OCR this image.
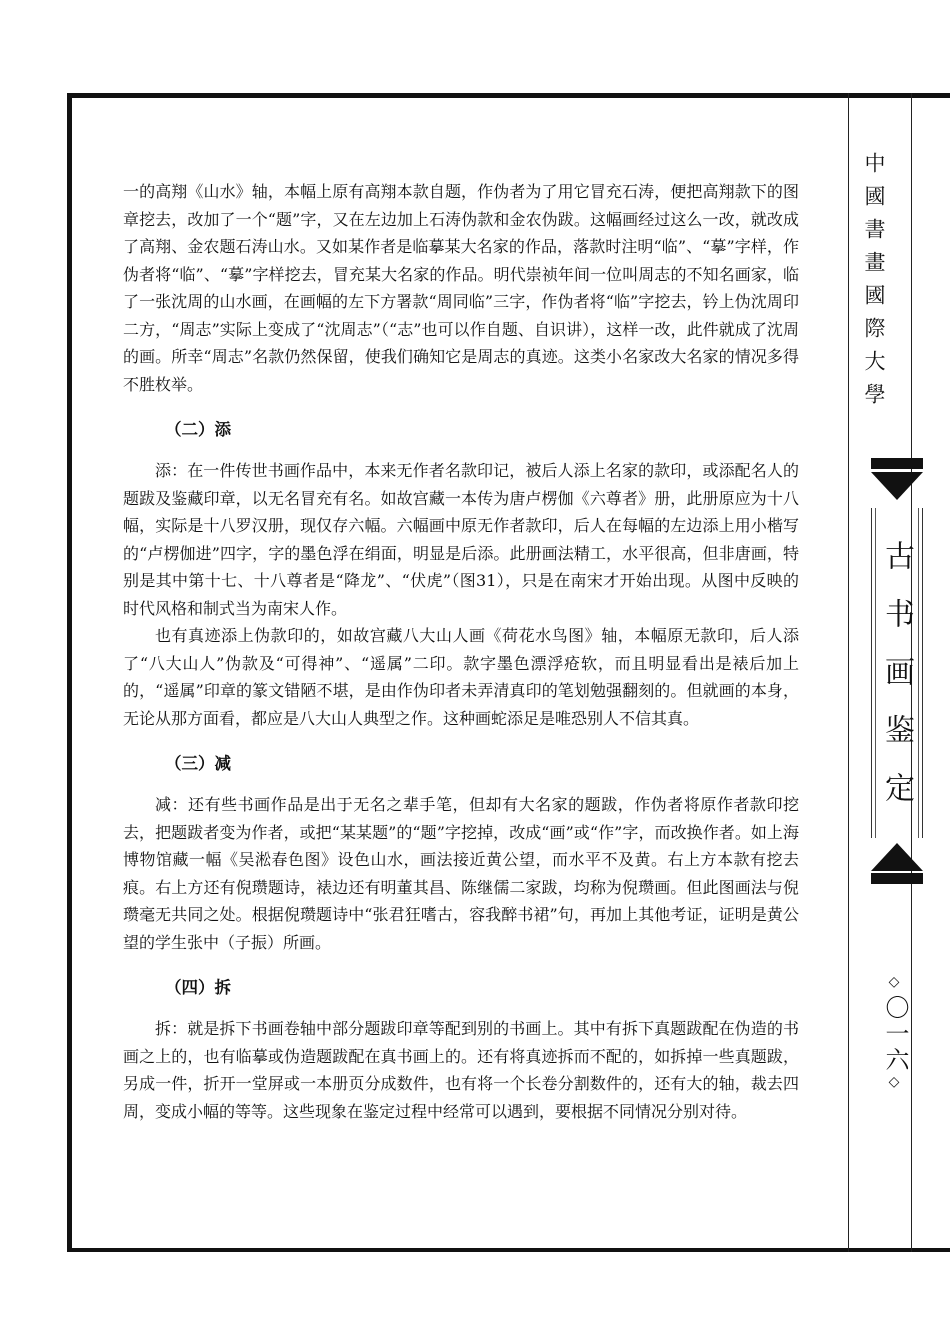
中國書畫國際大學
古书画鉴定
◇
〇一六
◇

一的高翔《山水》轴，本幅上原有高翔本款自题，作伪者为了用它冒充石涛，便把高翔款下的图章挖去，改加了一个“题”字，又在左边加上石涛伪款和金农伪跋。这幅画经过这么一改，就改成了高翔、金农题石涛山水。又如某作者是临摹某大名家的作品，落款时注明“临”、“摹”字样，作伪者将“临”、“摹”字样挖去，冒充某大名家的作品。明代崇祯年间一位叫周志的不知名画家，临了一张沈周的山水画，在画幅的左下方署款“周同临”三字，作伪者将“临”字挖去，钤上伪沈周印二方，“周志”实际上变成了“沈周志”（“志”也可以作自题、自识讲），这样一改，此件就成了沈周的画。所幸“周志”名款仍然保留，使我们确知它是周志的真迹。这类小名家改大名家的情况多得不胜枚举。

（二）添

添：在一件传世书画作品中，本来无作者名款印记，被后人添上名家的款印，或添配名人的题跋及鉴藏印章，以无名冒充有名。如故宫藏一本传为唐卢楞伽《六尊者》册，此册原应为十八幅，实际是十八罗汉册，现仅存六幅。六幅画中原无作者款印，后人在每幅的左边添上用小楷写的“卢楞伽进”四字，字的墨色浮在绢面，明显是后添。此册画法精工，水平很高，但非唐画，特别是其中第十七、十八尊者是“降龙”、“伏虎”（图31），只是在南宋才开始出现。从图中反映的时代风格和制式当为南宋人作。

也有真迹添上伪款印的，如故宫藏八大山人画《荷花水鸟图》轴，本幅原无款印，后人添了“八大山人”伪款及“可得神”、“遥属”二印。款字墨色漂浮疮软，而且明显看出是裱后加上的，“遥属”印章的篆文错陋不堪，是由作伪印者未弄清真印的笔划勉强翻刻的。但就画的本身，无论从那方面看，都应是八大山人典型之作。这种画蛇添足是唯恐别人不信其真。

（三）减

减：还有些书画作品是出于无名之辈手笔，但却有大名家的题跋，作伪者将原作者款印挖去，把题跋者变为作者，或把“某某题”的“题”字挖掉，改成“画”或“作”字，而改换作者。如上海博物馆藏一幅《吴淞春色图》设色山水，画法接近黄公望，而水平不及黄。右上方本款有挖去痕。右上方还有倪瓒题诗，裱边还有明董其昌、陈继儒二家跋，均称为倪瓒画。但此图画法与倪瓒毫无共同之处。根据倪瓒题诗中“张君狂嗜古，容我醉书裙”句，再加上其他考证，证明是黄公望的学生张中（子振）所画。

（四）拆

拆：就是拆下书画卷轴中部分题跋印章等配到别的书画上。其中有拆下真题跋配在伪造的书画之上的，也有临摹或伪造题跋配在真书画上的。还有将真迹拆而不配的，如拆掉一些真题跋，另成一件，折开一堂屏或一本册页分成数件，也有将一个长卷分割数件的，还有大的轴，裁去四周，变成小幅的等等。这些现象在鉴定过程中经常可以遇到，要根据不同情况分别对待。
